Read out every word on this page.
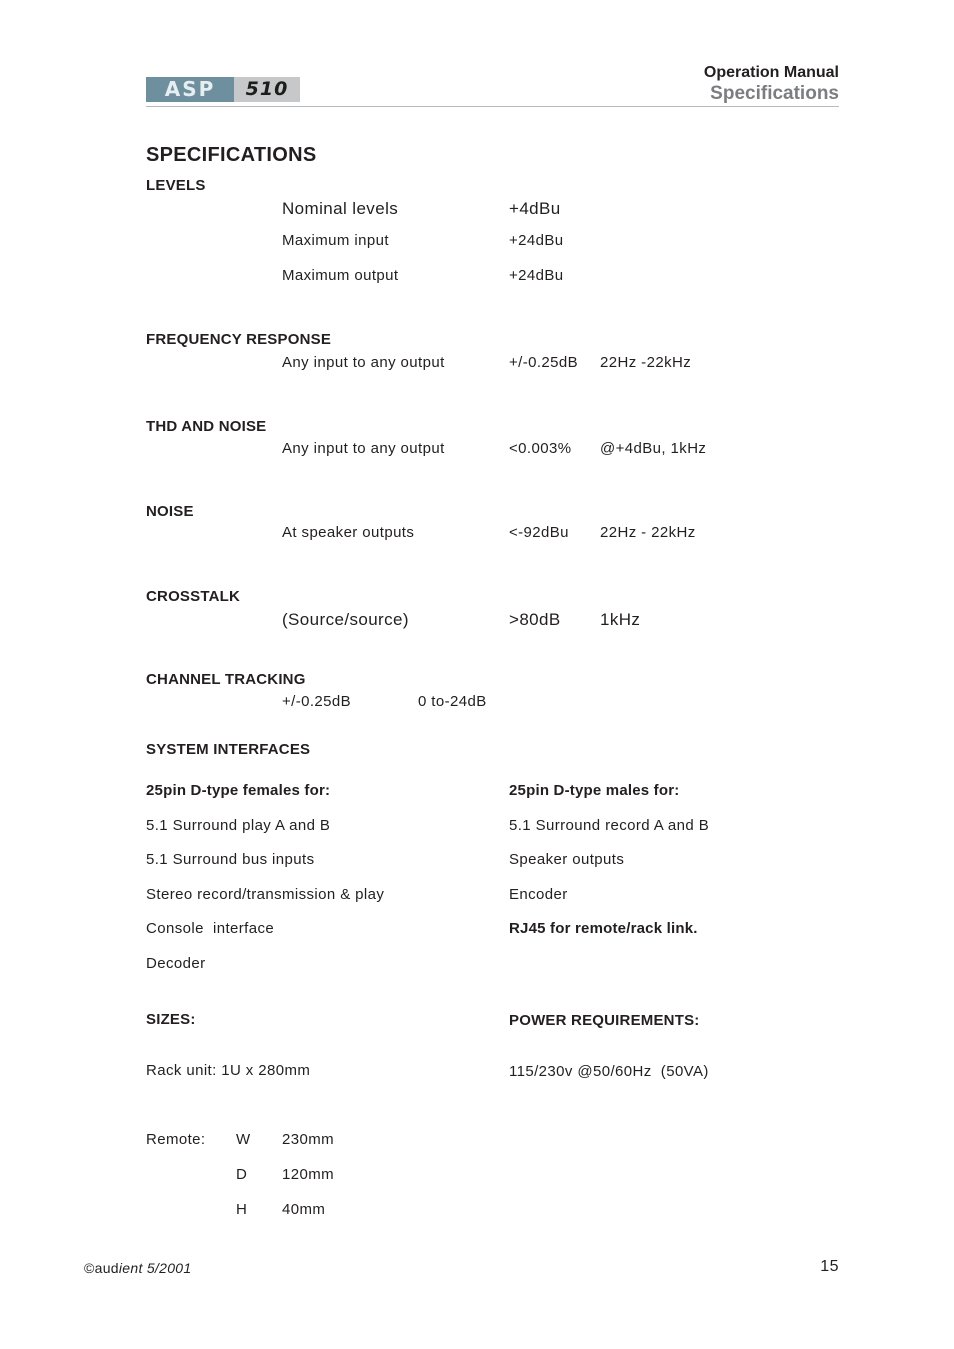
ASP	510
Operation Manual
Specifications
SPECIFICATIONS
LEVELS
Nominal levels	+4dBu
Maximum input	+24dBu
Maximum output	+24dBu
FREQUENCY RESPONSE
Any input to any output	+/-0.25dB 22Hz -22kHz
THD AND NOISE
Any input to any output	<0.003% @+4dBu, 1kHz
NOISE
At speaker outputs	<-92dBu 22Hz - 22kHz
CROSSTALK
(Source/source)	>80dB 1kHz
CHANNEL TRACKING
+/-0.25dB	0 to-24dB
SYSTEM INTERFACES
25pin D-type females for:
5.1 Surround play A and B
5.1 Surround bus inputs
Stereo record/transmission & play
Console  interface
Decoder
25pin D-type males for:
5.1 Surround record A and B
Speaker outputs
Encoder
RJ45 for remote/rack link.
SIZES:
Rack unit: 1U x 280mm
Remote: W 230mm
D 120mm
H 40mm
POWER REQUIREMENTS:
115/230v @50/60Hz  (50VA)
©audient 5/2001	15
